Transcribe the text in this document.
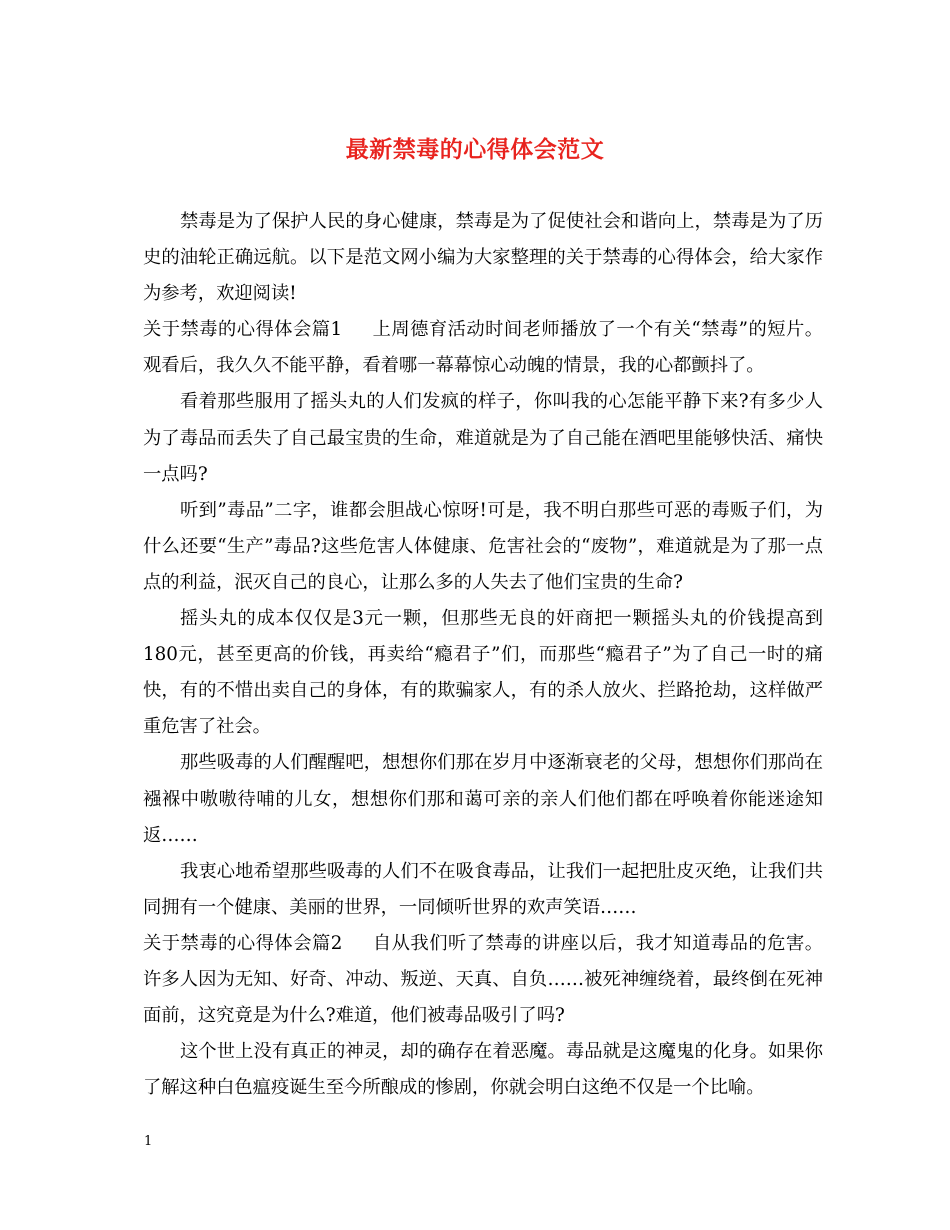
最新禁毒的心得体会范文

禁毒是为了保护人民的身心健康，禁毒是为了促使社会和谐向上，禁毒是为了历史的油轮正确远航。以下是范文网小编为大家整理的关于禁毒的心得体会，给大家作为参考，欢迎阅读!

关于禁毒的心得体会篇1 上周德育活动时间老师播放了一个有关“禁毒”的短片。观看后，我久久不能平静，看着哪一幕幕惊心动魄的情景，我的心都颤抖了。

看着那些服用了摇头丸的人们发疯的样子，你叫我的心怎能平静下来?有多少人为了毒品而丢失了自己最宝贵的生命，难道就是为了自己能在酒吧里能够快活、痛快一点吗?

听到”毒品”二字，谁都会胆战心惊呀!可是，我不明白那些可恶的毒贩子们，为什么还要“生产”毒品?这些危害人体健康、危害社会的“废物”，难道就是为了那一点点的利益，泯灭自己的良心，让那么多的人失去了他们宝贵的生命?

摇头丸的成本仅仅是3元一颗，但那些无良的奸商把一颗摇头丸的价钱提高到180元，甚至更高的价钱，再卖给“瘾君子”们，而那些“瘾君子”为了自己一时的痛快，有的不惜出卖自己的身体，有的欺骗家人，有的杀人放火、拦路抢劫，这样做严重危害了社会。

那些吸毒的人们醒醒吧，想想你们那在岁月中逐渐衰老的父母，想想你们那尚在襁褓中嗷嗷待哺的儿女，想想你们那和蔼可亲的亲人们他们都在呼唤着你能迷途知返……

我衷心地希望那些吸毒的人们不在吸食毒品，让我们一起把肚皮灭绝，让我们共同拥有一个健康、美丽的世界，一同倾听世界的欢声笑语……

关于禁毒的心得体会篇2 自从我们听了禁毒的讲座以后，我才知道毒品的危害。许多人因为无知、好奇、冲动、叛逆、天真、自负……被死神缠绕着，最终倒在死神面前，这究竟是为什么?难道，他们被毒品吸引了吗?

这个世上没有真正的神灵，却的确存在着恶魔。毒品就是这魔鬼的化身。如果你了解这种白色瘟疫诞生至今所酿成的惨剧，你就会明白这绝不仅是一个比喻。

1
